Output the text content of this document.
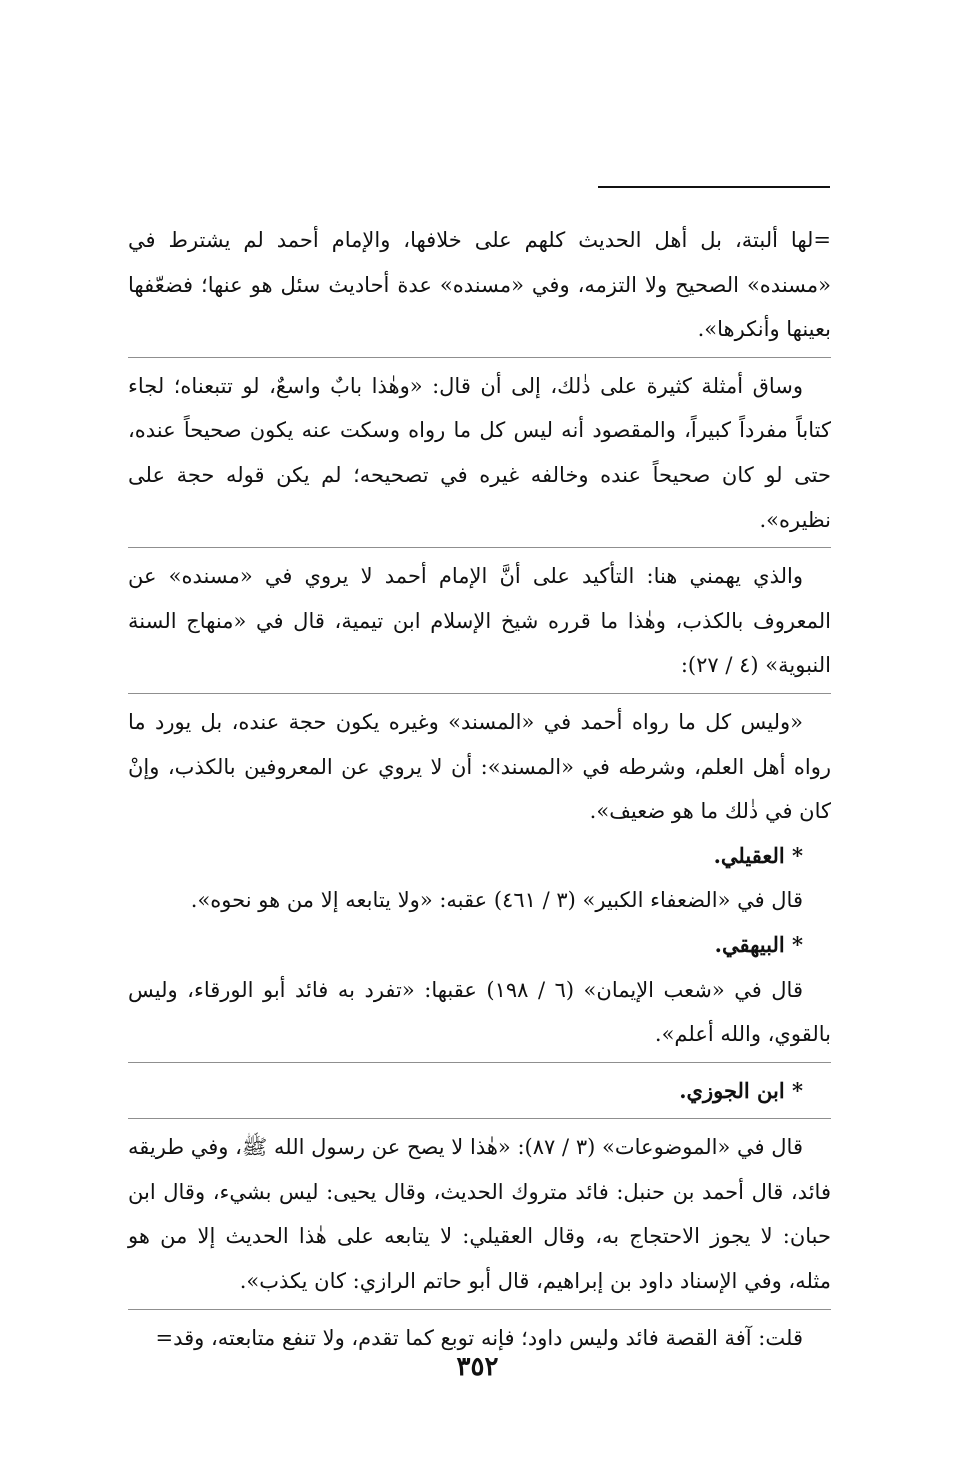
=لها ألبتة، بل أهل الحديث كلهم على خلافها، والإمام أحمد لم يشترط في «مسنده» الصحيح ولا التزمه، وفي «مسنده» عدة أحاديث سئل هو عنها؛ فضعّفها بعينها وأنكرها».

وساق أمثلة كثيرة على ذٰلك، إلى أن قال: «وهٰذا بابٌ واسعٌ، لو تتبعناه؛ لجاء كتاباً مفرداً كبيراً، والمقصود أنه ليس كل ما رواه وسكت عنه يكون صحيحاً عنده، حتى لو كان صحيحاً عنده وخالفه غيره في تصحيحه؛ لم يكن قوله حجة على نظيره».

والذي يهمني هنا: التأكيد على أنَّ الإمام أحمد لا يروي في «مسنده» عن المعروف بالكذب، وهٰذا ما قرره شيخ الإسلام ابن تيمية، قال في «منهاج السنة النبوية» (٤ / ٢٧):

«وليس كل ما رواه أحمد في «المسند» وغيره يكون حجة عنده، بل يورد ما رواه أهل العلم، وشرطه في «المسند»: أن لا يروي عن المعروفين بالكذب، وإنْ كان في ذٰلك ما هو ضعيف».

* العقيلي.

قال في «الضعفاء الكبير» (٣ / ٤٦١) عقبه: «ولا يتابعه إلا من هو نحوه».

* البيهقي.

قال في «شعب الإيمان» (٦ / ١٩٨) عقبها: «تفرد به فائد أبو الورقاء، وليس بالقوي، والله أعلم».

* ابن الجوزي.

قال في «الموضوعات» (٣ / ٨٧): «هٰذا لا يصح عن رسول الله ﷺ، وفي طريقه فائد، قال أحمد بن حنبل: فائد متروك الحديث، وقال يحيى: ليس بشيء، وقال ابن حبان: لا يجوز الاحتجاج به، وقال العقيلي: لا يتابعه على هٰذا الحديث إلا من هو مثله، وفي الإسناد داود بن إبراهيم، قال أبو حاتم الرازي: كان يكذب».

قلت: آفة القصة فائد وليس داود؛ فإنه توبع كما تقدم، ولا تنفع متابعته، وقد=

٣٥٢
